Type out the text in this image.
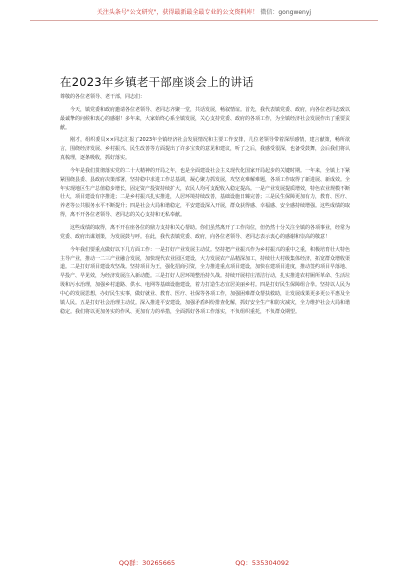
关注头条号"公文研究"，获得最新最全最专业的公文资料库！ 微信：gongwenyj
在2023年乡镇老干部座谈会上的讲话

尊敬的各位老领导、老干部，同志们：

今天，镇党委和政府邀请各位老领导、老同志齐聚一堂，共话发展，畅叙情谊。首先，我代表镇党委、政府，向各位老同志致以最诚挚的问候和衷心的感谢！多年来，大家始终心系全镇发展，关心支持党委、政府的各项工作，为全镇经济社会发展作出了重要贡献。

刚才，组织委员××同志汇报了2023年全镇经济社会发展情况和主要工作安排，几位老领导带着深厚感情，建言献策，畅所欲言，围绕经济发展、乡村振兴、民生改善等方面提出了许多宝贵的意见和建议，听了之后，我感受很深，也备受鼓舞，会后我们将认真梳理，逐条吸收，抓好落实。

今年是我们贯彻落实党的二十大精神的开局之年，也是全面建设社会主义现代化国家开局起步的关键时期。一年来，全镇上下紧紧围绕县委、县政府决策部署，坚持稳中求进工作总基调，凝心聚力抓发展，攻坚克难解难题，各项工作取得了新进展、新成效。全年实现地区生产总值稳步增长，固定资产投资持续扩大，农民人均可支配收入稳定提高。一是产业发展提质增效，特色农业规模不断壮大，项目建设有序推进；二是乡村振兴扎实推进，人居环境持续改善，基础设施日臻完善；三是民生保障更加有力，教育、医疗、养老等公共服务水平不断提升；四是社会大局和谐稳定，平安建设深入开展，群众获得感、幸福感、安全感持续增强。这些成绩的取得，离不开各位老领导、老同志的关心支持和无私奉献。

这些成绩的取得，离不开在座各位的鼎力支持和关心帮助。你们虽然离开了工作岗位，但仍然十分关注全镇的各项事业，经常为党委、政府出谋划策，为发展鼓与呼。在此，我代表镇党委、政府，向各位老领导、老同志表示衷心的感谢和崇高的敬意！

今年我们要重点做好以下几方面工作：一是打好产业发展主动仗。坚持把产业振兴作为乡村振兴的重中之重，积极培育壮大特色主导产业，推动一二三产业融合发展，加快现代农业园区建设，大力发展农产品精深加工，持续壮大村级集体经济，拓宽群众增收渠道。二是打好项目建设攻坚战。坚持项目为王，强化招商引资，全力推进重点项目建设，加快在建项目进度，推动签约项目早落地、早投产、早见效，为经济发展注入新动能。三是打好人居环境整治持久战。持续开展村庄清洁行动，扎实推进农村厕所革命、生活垃圾和污水治理，加强乡村道路、供水、电网等基础设施建设，着力打造生态宜居美丽乡村。四是打好民生保障组合拳。坚持以人民为中心的发展思想，办好民生实事，做好就业、教育、医疗、社保等各项工作，加强困难群众帮扶救助，让发展成果更多更公平惠及全镇人民。五是打好社会治理主动仗。深入推进平安建设，加强矛盾纠纷排查化解，抓好安全生产和防灾减灾，全力维护社会大局和谐稳定。我们将以更加务实的作风、更加有力的举措，全面抓好各项工作落实，不负组织重托，不负群众期望。

QQ群：30265665	QQ：535304092
